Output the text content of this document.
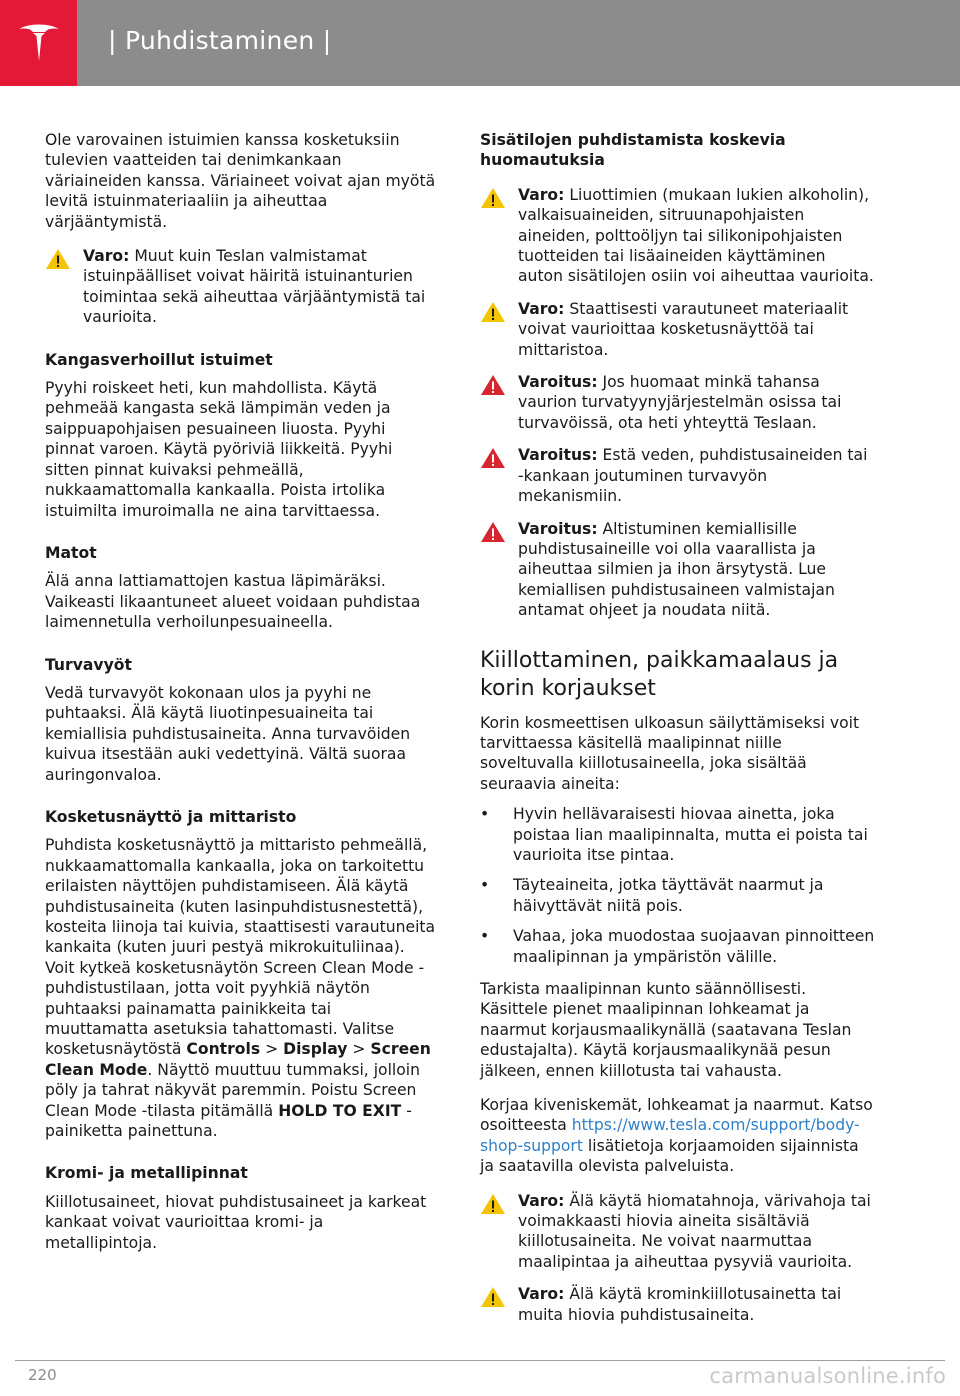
| Puhdistaminen |

Ole varovainen istuimien kanssa kosketuksiin tulevien vaatteiden tai denimkankaan väriaineiden kanssa. Väriaineet voivat ajan myötä levitä istuinmateriaaliin ja aiheuttaa värjääntymistä.

Varo: Muut kuin Teslan valmistamat istuinpäälliset voivat häiritä istuinanturien toimintaa sekä aiheuttaa värjääntymistä tai vaurioita.
Kangasverhoillut istuimet

Pyyhi roiskeet heti, kun mahdollista. Käytä pehmeää kangasta sekä lämpimän veden ja saippuapohjaisen pesuaineen liuosta. Pyyhi pinnat varoen. Käytä pyöriviä liikkeitä. Pyyhi sitten pinnat kuivaksi pehmeällä, nukkaamattomalla kankaalla. Poista irtolika istuimilta imuroimalla ne aina tarvittaessa.

Matot

Älä anna lattiamattojen kastua läpimäräksi. Vaikeasti likaantuneet alueet voidaan puhdistaa laimennetulla verhoilunpesuaineella.

Turvavyöt

Vedä turvavyöt kokonaan ulos ja pyyhi ne puhtaaksi. Älä käytä liuotinpesuaineita tai kemiallisia puhdistusaineita. Anna turvavöiden kuivua itsestään auki vedettyinä. Vältä suoraa auringonvaloa.

Kosketusnäyttö ja mittaristo

Puhdista kosketusnäyttö ja mittaristo pehmeällä, nukkaamattomalla kankaalla, joka on tarkoitettu erilaisten näyttöjen puhdistamiseen. Älä käytä puhdistusaineita (kuten lasinpuhdistusnestettä), kosteita liinoja tai kuivia, staattisesti varautuneita kankaita (kuten juuri pestyä mikrokuituliinaa). Voit kytkeä kosketusnäytön Screen Clean Mode -puhdistustilaan, jotta voit pyyhkiä näytön puhtaaksi painamatta painikkeita tai muuttamatta asetuksia tahattomasti. Valitse kosketusnäytöstä Controls > Display > Screen Clean Mode. Näyttö muuttuu tummaksi, jolloin pöly ja tahrat näkyvät paremmin. Poistu Screen Clean Mode -tilasta pitämällä HOLD TO EXIT -painiketta painettuna.

Kromi- ja metallipinnat

Kiillotusaineet, hiovat puhdistusaineet ja karkeat kankaat voivat vaurioittaa kromi- ja metallipintoja.

Sisätilojen puhdistamista koskevia huomautuksia
Varo: Liuottimien (mukaan lukien alkoholin), valkaisuaineiden, sitruunapohjaisten aineiden, polttoöljyn tai silikonipohjaisten tuotteiden tai lisäaineiden käyttäminen auton sisätilojen osiin voi aiheuttaa vaurioita.
Varo: Staattisesti varautuneet materiaalit voivat vaurioittaa kosketusnäyttöä tai mittaristoa.
Varoitus: Jos huomaat minkä tahansa vaurion turvatyynyjärjestelmän osissa tai turvavöissä, ota heti yhteyttä Teslaan.
Varoitus: Estä veden, puhdistusaineiden tai -kankaan joutuminen turvavyön mekanismiin.
Varoitus: Altistuminen kemiallisille puhdistusaineille voi olla vaarallista ja aiheuttaa silmien ja ihon ärsytystä. Lue kemiallisen puhdistusaineen valmistajan antamat ohjeet ja noudata niitä.
Kiillottaminen, paikkamaalaus ja korin korjaukset

Korin kosmeettisen ulkoasun säilyttämiseksi voit tarvittaessa käsitellä maalipinnat niille soveltuvalla kiillotusaineella, joka sisältää seuraavia aineita:

• Hyvin hellävaraisesti hiovaa ainetta, joka poistaa lian maalipinnalta, mutta ei poista tai vaurioita itse pintaa.
• Täyteaineita, jotka täyttävät naarmut ja häivyttävät niitä pois.
• Vahaa, joka muodostaa suojaavan pinnoitteen maalipinnan ja ympäristön välille.

Tarkista maalipinnan kunto säännöllisesti. Käsittele pienet maalipinnan lohkeamat ja naarmut korjausmaalikynällä (saatavana Teslan edustajalta). Käytä korjausmaalikynää pesun jälkeen, ennen kiillotusta tai vahausta.

Korjaa kiveniskemät, lohkeamat ja naarmut. Katso osoitteesta https://www.tesla.com/support/body-shop-support lisätietoja korjaamoiden sijainnista ja saatavilla olevista palveluista.

Varo: Älä käytä hiomatahnoja, värivahoja tai voimakkaasti hiovia aineita sisältäviä kiillotusaineita. Ne voivat naarmuttaa maalipintaa ja aiheuttaa pysyviä vaurioita.
Varo: Älä käytä krominkiillotusainetta tai muita hiovia puhdistusaineita.
220	carmanualsonline.info
